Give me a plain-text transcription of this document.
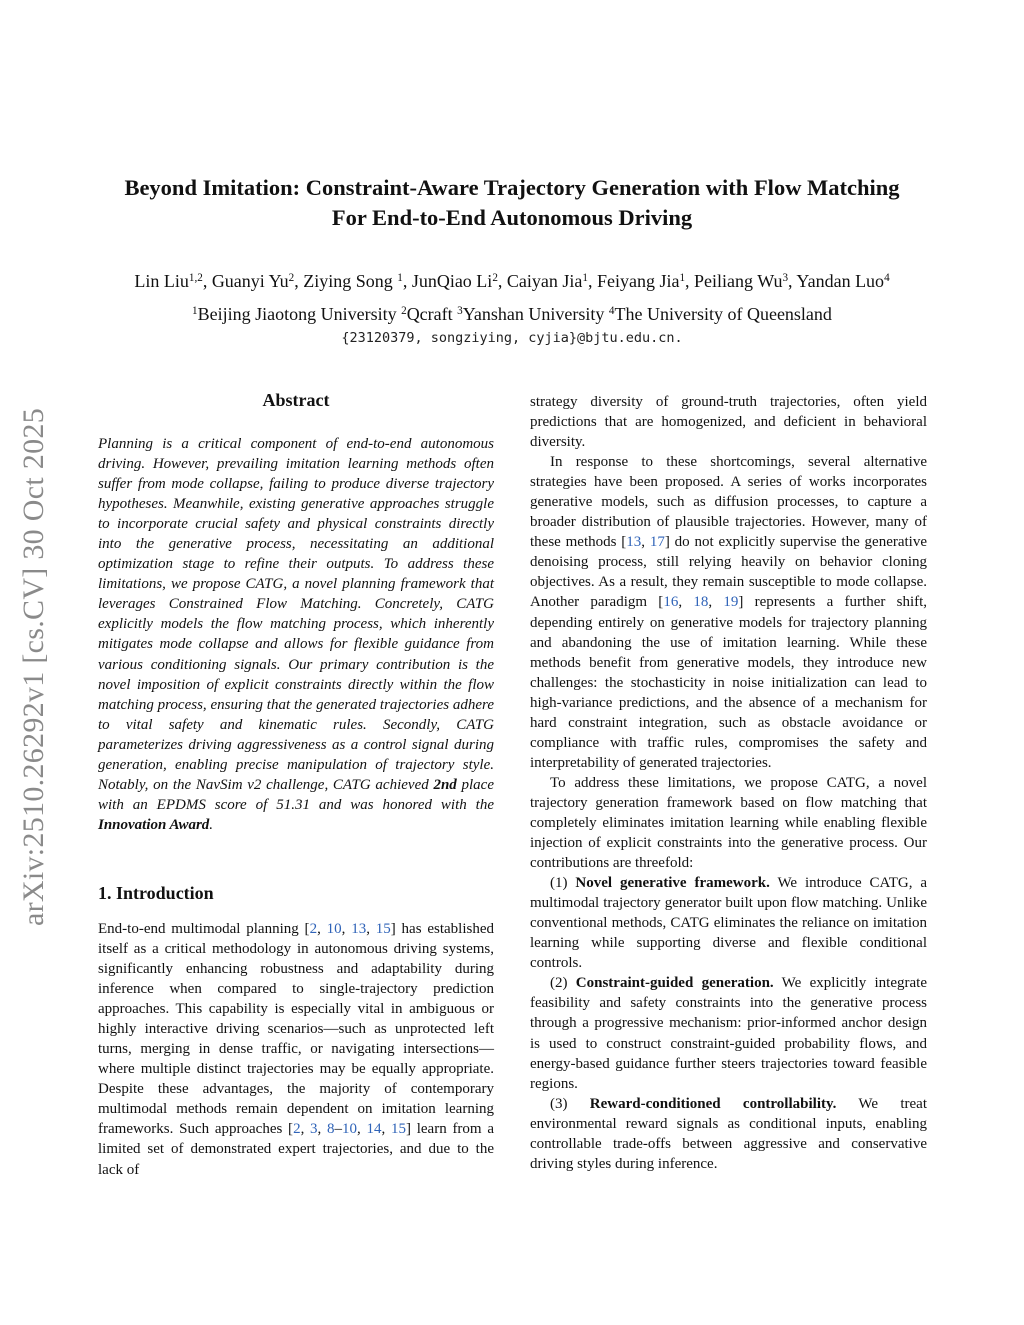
arXiv:2510.26292v1 [cs.CV] 30 Oct 2025
Beyond Imitation: Constraint-Aware Trajectory Generation with Flow Matching
For End-to-End Autonomous Driving
Lin Liu$^{1,2}$, Guanyi Yu$^2$, Ziying Song $^1$, JunQiao Li$^2$, Caiyan Jia$^1$, Feiyang Jia$^1$, Peiliang Wu$^3$, Yandan Luo$^4$
$^1$Beijing Jiaotong University $^2$Qcraft $^3$Yanshan University $^4$The University of Queensland
{23120379, songziying, cyjia}@bjtu.edu.cn.
Abstract

Planning is a critical component of end-to-end autonomous driving. However, prevailing imitation learning methods often suffer from mode collapse, failing to produce diverse trajectory hypotheses. Meanwhile, existing generative approaches struggle to incorporate crucial safety and physical constraints directly into the generative process, necessitating an additional optimization stage to refine their outputs. To address these limitations, we propose CATG, a novel planning framework that leverages Constrained Flow Matching. Concretely, CATG explicitly models the flow matching process, which inherently mitigates mode collapse and allows for flexible guidance from various conditioning signals. Our primary contribution is the novel imposition of explicit constraints directly within the flow matching process, ensuring that the generated trajectories adhere to vital safety and kinematic rules. Secondly, CATG parameterizes driving aggressiveness as a control signal during generation, enabling precise manipulation of trajectory style. Notably, on the NavSim v2 challenge, CATG achieved 2nd place with an EPDMS score of 51.31 and was honored with the Innovation Award.

1. Introduction

End-to-end multimodal planning [2, 10, 13, 15] has established itself as a critical methodology in autonomous driving systems, significantly enhancing robustness and adaptability during inference when compared to single-trajectory prediction approaches. This capability is especially vital in ambiguous or highly interactive driving scenarios—such as unprotected left turns, merging in dense traffic, or navigating intersections—where multiple distinct trajectories may be equally appropriate. Despite these advantages, the majority of contemporary multimodal methods remain dependent on imitation learning frameworks. Such approaches [2, 3, 8–10, 14, 15] learn from a limited set of demonstrated expert trajectories, and due to the lack of

strategy diversity of ground-truth trajectories, often yield predictions that are homogenized, and deficient in behavioral diversity.

In response to these shortcomings, several alternative strategies have been proposed. A series of works incorporates generative models, such as diffusion processes, to capture a broader distribution of plausible trajectories. However, many of these methods [13, 17] do not explicitly supervise the generative denoising process, still relying heavily on behavior cloning objectives. As a result, they remain susceptible to mode collapse. Another paradigm [16, 18, 19] represents a further shift, depending entirely on generative models for trajectory planning and abandoning the use of imitation learning. While these methods benefit from generative models, they introduce new challenges: the stochasticity in noise initialization can lead to high-variance predictions, and the absence of a mechanism for hard constraint integration, such as obstacle avoidance or compliance with traffic rules, compromises the safety and interpretability of generated trajectories.

To address these limitations, we propose CATG, a novel trajectory generation framework based on flow matching that completely eliminates imitation learning while enabling flexible injection of explicit constraints into the generative process. Our contributions are threefold:

(1) Novel generative framework. We introduce CATG, a multimodal trajectory generator built upon flow matching. Unlike conventional methods, CATG eliminates the reliance on imitation learning while supporting diverse and flexible conditional controls.

(2) Constraint-guided generation. We explicitly integrate feasibility and safety constraints into the generative process through a progressive mechanism: prior-informed anchor design is used to construct constraint-guided probability flows, and energy-based guidance further steers trajectories toward feasible regions.

(3) Reward-conditioned controllability. We treat environmental reward signals as conditional inputs, enabling controllable trade-offs between aggressive and conservative driving styles during inference.
